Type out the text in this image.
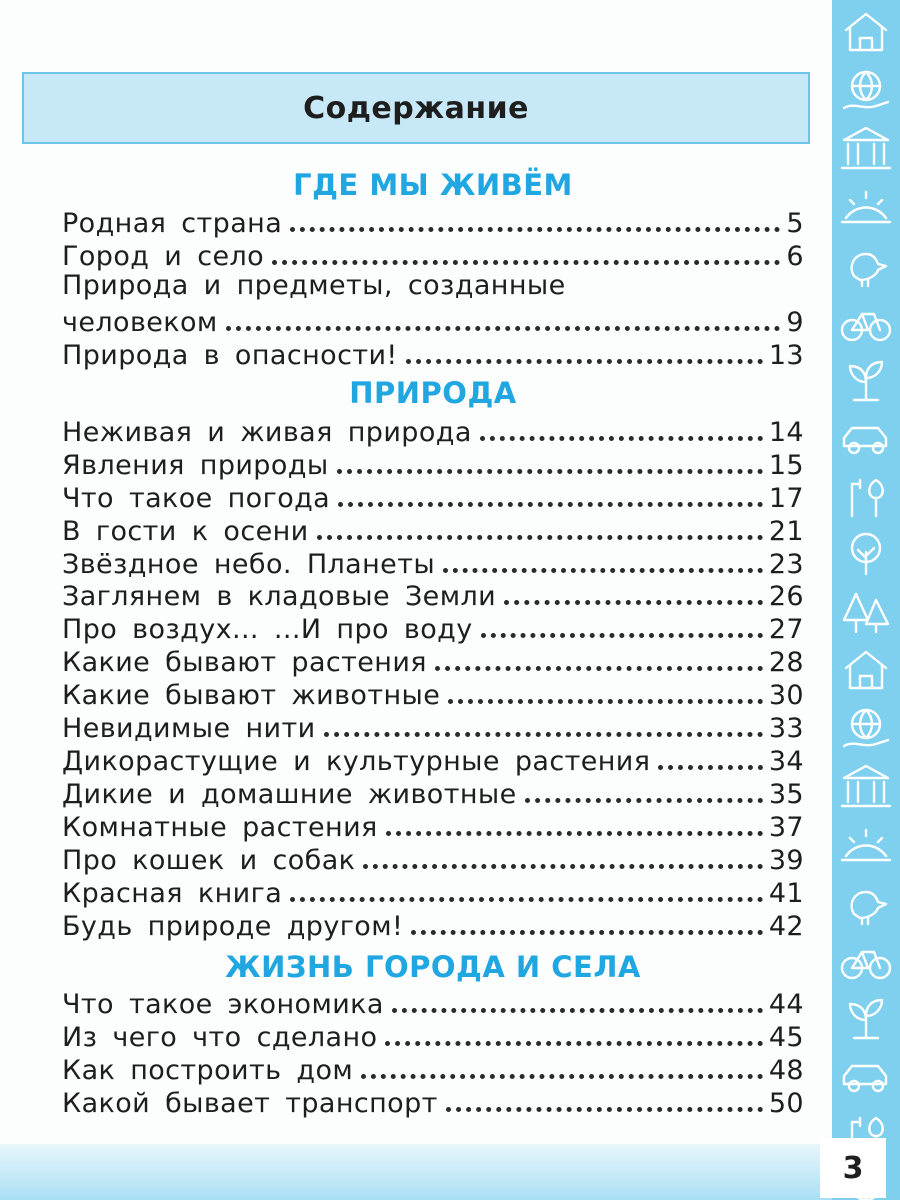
Содержание
ГДЕ МЫ ЖИВЁМ
Родная страна	5
Город и село	6
Природа и предметы, созданные
человеком	9
Природа в опасности!	13
ПРИРОДА
Неживая и живая природа	14
Явления природы	15
Что такое погода	17
В гости к осени	21
Звёздное небо. Планеты	23
Заглянем в кладовые Земли	26
Про воздух... ...И про воду	27
Какие бывают растения	28
Какие бывают животные	30
Невидимые нити	33
Дикорастущие и культурные растения	34
Дикие и домашние животные	35
Комнатные растения	37
Про кошек и собак	39
Красная книга	41
Будь природе другом!	42
ЖИЗНЬ ГОРОДА И СЕЛА
Что такое экономика	44
Из чего что сделано	45
Как построить дом	48
Какой бывает транспорт	50
3
